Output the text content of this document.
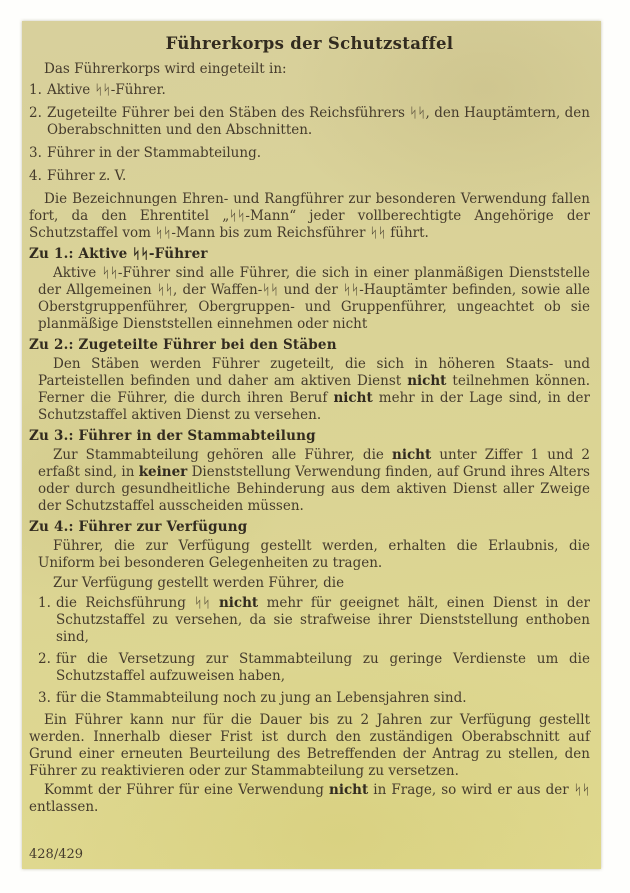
Führerkorps der Schutzstaffel

Das Führerkorps wird eingeteilt in:

1. Aktive ᛋᛋ-Führer.
2. Zugeteilte Führer bei den Stäben des Reichsführers ᛋᛋ, den Hauptämtern, den Oberabschnitten und den Abschnitten.
3. Führer in der Stammabteilung.
4. Führer z. V.

Die Bezeichnungen Ehren- und Rangführer zur besonderen Verwendung fallen fort, da den Ehrentitel „ᛋᛋ-Mann“ jeder vollberechtigte Angehörige der Schutzstaffel vom ᛋᛋ-Mann bis zum Reichsführer ᛋᛋ führt.

Zu 1.: Aktive ᛋᛋ-Führer

Aktive ᛋᛋ-Führer sind alle Führer, die sich in einer planmäßigen Dienststelle der Allgemeinen ᛋᛋ, der Waffen-ᛋᛋ und der ᛋᛋ-Hauptämter befinden, sowie alle Oberstgruppenführer, Obergruppen- und Gruppenführer, ungeachtet ob sie planmäßige Dienststellen einnehmen oder nicht

Zu 2.: Zugeteilte Führer bei den Stäben

Den Stäben werden Führer zugeteilt, die sich in höheren Staats- und Parteistellen befinden und daher am aktiven Dienst nicht teilnehmen können. Ferner die Führer, die durch ihren Beruf nicht mehr in der Lage sind, in der Schutzstaffel aktiven Dienst zu versehen.

Zu 3.: Führer in der Stammabteilung

Zur Stammabteilung gehören alle Führer, die nicht unter Ziffer 1 und 2 erfaßt sind, in keiner Dienststellung Verwendung finden, auf Grund ihres Alters oder durch gesundheitliche Behinderung aus dem aktiven Dienst aller Zweige der Schutzstaffel ausscheiden müssen.

Zu 4.: Führer zur Verfügung

Führer, die zur Verfügung gestellt werden, erhalten die Erlaubnis, die Uniform bei besonderen Gelegenheiten zu tragen.

Zur Verfügung gestellt werden Führer, die

1. die Reichsführung ᛋᛋ nicht mehr für geeignet hält, einen Dienst in der Schutzstaffel zu versehen, da sie strafweise ihrer Dienststellung enthoben sind,
2. für die Versetzung zur Stammabteilung zu geringe Verdienste um die Schutzstaffel aufzuweisen haben,
3. für die Stammabteilung noch zu jung an Lebensjahren sind.

Ein Führer kann nur für die Dauer bis zu 2 Jahren zur Verfügung gestellt werden. Innerhalb dieser Frist ist durch den zuständigen Oberabschnitt auf Grund einer erneuten Beurteilung des Betreffenden der Antrag zu stellen, den Führer zu reaktivieren oder zur Stammabteilung zu versetzen.

Kommt der Führer für eine Verwendung nicht in Frage, so wird er aus der ᛋᛋ entlassen.

428/429
